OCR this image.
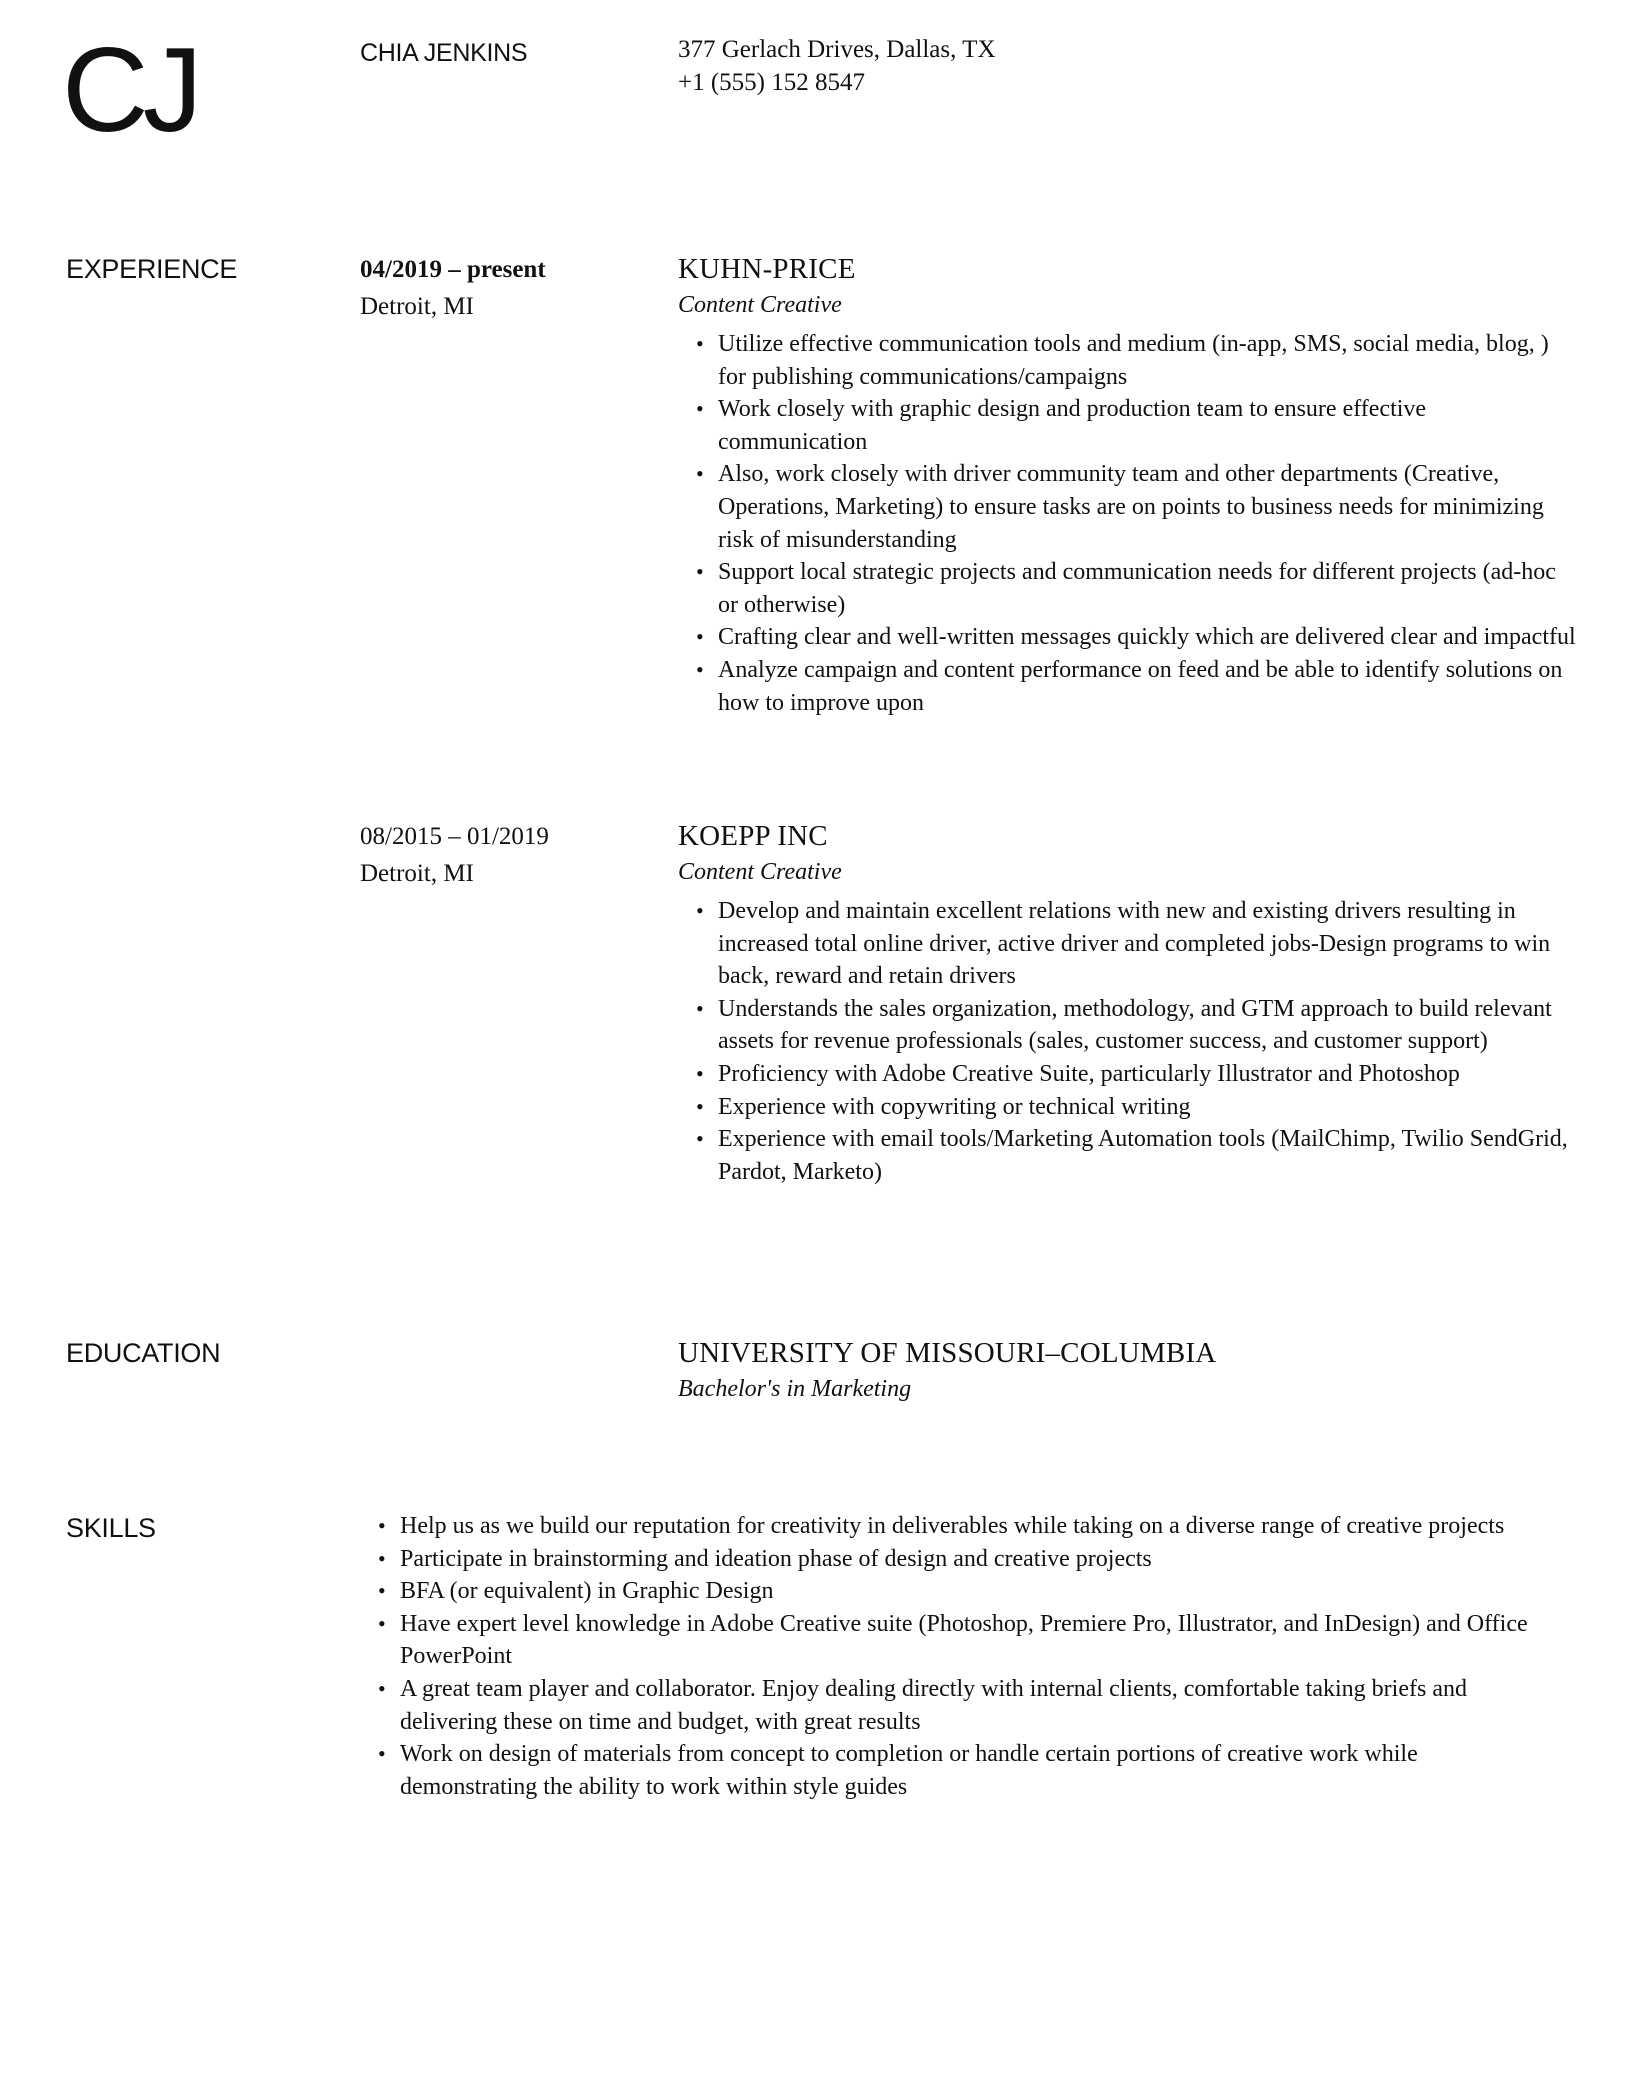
CJ	CHIA JENKINS	377 Gerlach Drives, Dallas, TX
+1 (555) 152 8547
EXPERIENCE	04/2019 – present
Detroit, MI
KUHN-PRICE
Content Creative
• Utilize effective communication tools and medium (in-app, SMS, social media, blog, ) for publishing communications/campaigns
• Work closely with graphic design and production team to ensure effective communication
• Also, work closely with driver community team and other departments (Creative, Operations, Marketing) to ensure tasks are on points to business needs for minimizing risk of misunderstanding
• Support local strategic projects and communication needs for different projects (ad-hoc or otherwise)
• Crafting clear and well-written messages quickly which are delivered clear and impactful
• Analyze campaign and content performance on feed and be able to identify solutions on how to improve upon
08/2015 – 01/2019
Detroit, MI
KOEPP INC
Content Creative
• Develop and maintain excellent relations with new and existing drivers resulting in increased total online driver, active driver and completed jobs-Design programs to win back, reward and retain drivers
• Understands the sales organization, methodology, and GTM approach to build relevant assets for revenue professionals (sales, customer success, and customer support)
• Proficiency with Adobe Creative Suite, particularly Illustrator and Photoshop
• Experience with copywriting or technical writing
• Experience with email tools/Marketing Automation tools (MailChimp, Twilio SendGrid, Pardot, Marketo)
EDUCATION	UNIVERSITY OF MISSOURI–COLUMBIA
Bachelor's in Marketing
SKILLS	• Help us as we build our reputation for creativity in deliverables while taking on a diverse range of creative projects
• Participate in brainstorming and ideation phase of design and creative projects
• BFA (or equivalent) in Graphic Design
• Have expert level knowledge in Adobe Creative suite (Photoshop, Premiere Pro, Illustrator, and InDesign) and Office PowerPoint
• A great team player and collaborator. Enjoy dealing directly with internal clients, comfortable taking briefs and delivering these on time and budget, with great results
• Work on design of materials from concept to completion or handle certain portions of creative work while demonstrating the ability to work within style guides
